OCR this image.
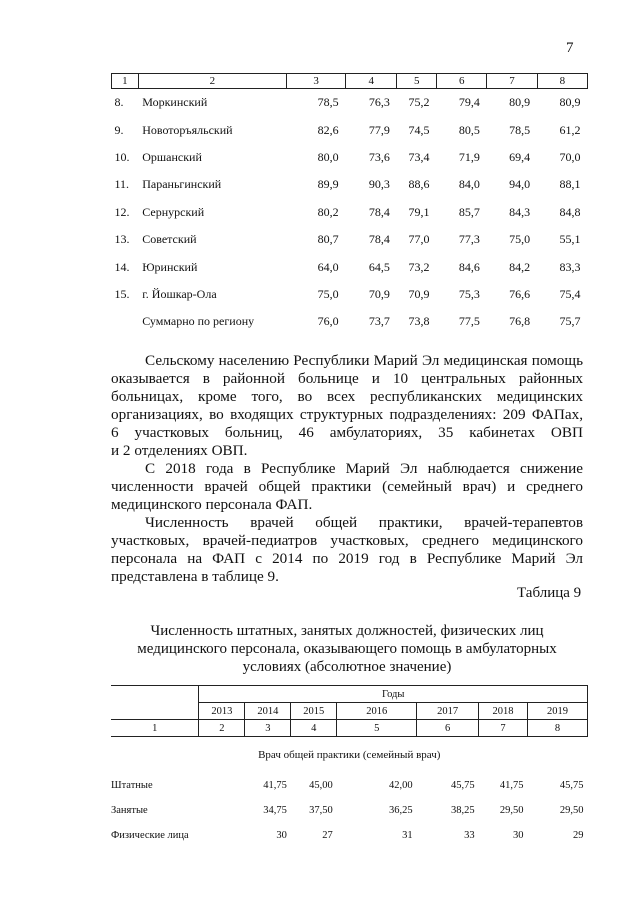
7
1	2	3	4	5	6	7	8
8.	Моркинский	78,5	76,3	75,2	79,4	80,9	80,9
9.	Новоторъяльский	82,6	77,9	74,5	80,5	78,5	61,2
10.	Оршанский	80,0	73,6	73,4	71,9	69,4	70,0
11.	Параньгинский	89,9	90,3	88,6	84,0	94,0	88,1
12.	Сернурский	80,2	78,4	79,1	85,7	84,3	84,8
13.	Советский	80,7	78,4	77,0	77,3	75,0	55,1
14.	Юринский	64,0	64,5	73,2	84,6	84,2	83,3
15.	г. Йошкар-Ола	75,0	70,9	70,9	75,3	76,6	75,4
	Суммарно по региону	76,0	73,7	73,8	77,5	76,8	75,7
Сельскому населению Республики Марий Эл медицинская помощь
оказывается в районной больнице и 10 центральных районных
больницах, кроме того, во всех республиканских медицинских
организациях, во входящих структурных подразделениях: 209 ФАПах,
6 участковых больниц, 46 амбулаториях, 35 кабинетах ОВП
и 2 отделениях ОВП.
С 2018 года в Республике Марий Эл наблюдается снижение
численности врачей общей практики (семейный врач) и среднего
медицинского персонала ФАП.
Численность врачей общей практики, врачей-терапевтов
участковых, врачей-педиатров участковых, среднего медицинского
персонала на ФАП с 2014 по 2019 год в Республике Марий Эл
представлена в таблице 9.
Таблица 9
Численность штатных, занятых должностей, физических лиц
медицинского персонала, оказывающего помощь в амбулаторных
условиях (абсолютное значение)
	Годы						
	2013	2014	2015	2016	2017	2018	2019
1	2	3	4	5	6	7	8
Врач общей практики (семейный врач)							
Штатные		41,75	45,00	42,00	45,75	41,75	45,75
Занятые		34,75	37,50	36,25	38,25	29,50	29,50
Физические лица		30	27	31	33	30	29
